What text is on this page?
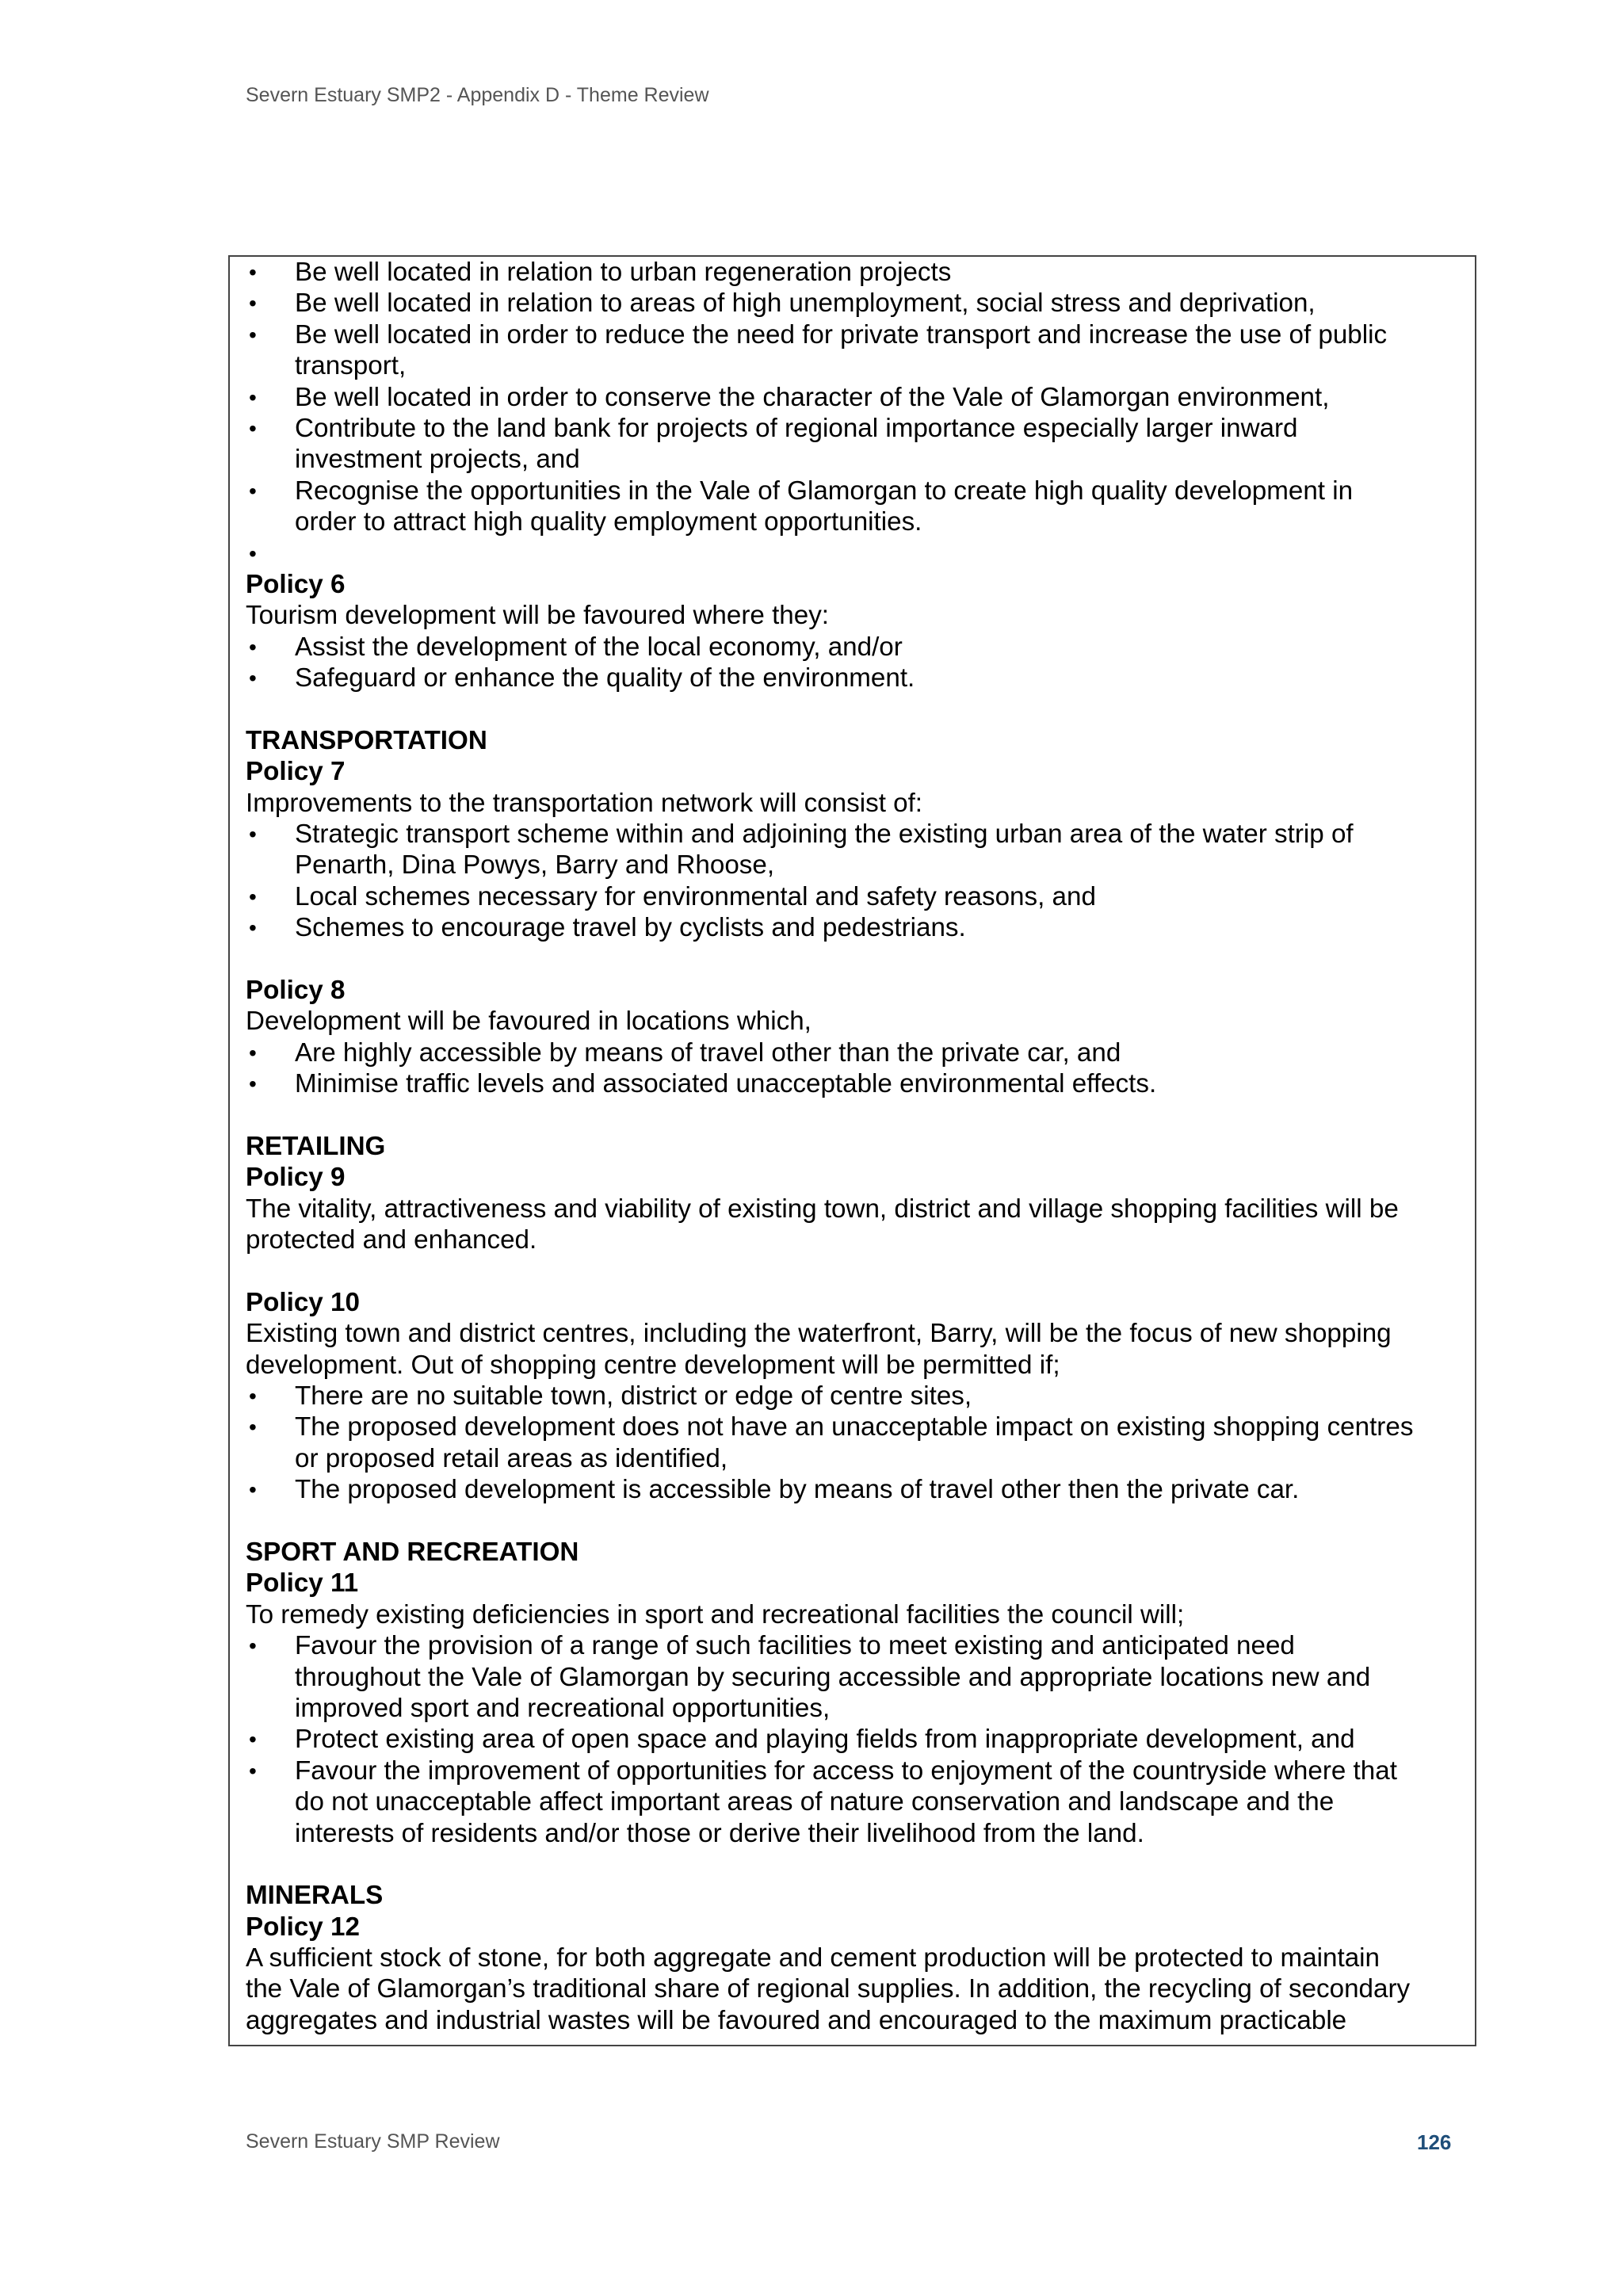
Severn Estuary SMP2 - Appendix D - Theme Review
• Be well located in relation to urban regeneration projects
• Be well located in relation to areas of high unemployment, social stress and deprivation,
• Be well located in order to reduce the need for private transport and increase the use of public
transport,
• Be well located in order to conserve the character of the Vale of Glamorgan environment,
• Contribute to the land bank for projects of regional importance especially larger inward
investment projects, and
• Recognise the opportunities in the Vale of Glamorgan to create high quality development in
order to attract high quality employment opportunities.
•
Policy 6
Tourism development will be favoured where they:
• Assist the development of the local economy, and/or
• Safeguard or enhance the quality of the environment.
TRANSPORTATION
Policy 7
Improvements to the transportation network will consist of:
• Strategic transport scheme within and adjoining the existing urban area of the water strip of
Penarth, Dina Powys, Barry and Rhoose,
• Local schemes necessary for environmental and safety reasons, and
• Schemes to encourage travel by cyclists and pedestrians.
Policy 8
Development will be favoured in locations which,
• Are highly accessible by means of travel other than the private car, and
• Minimise traffic levels and associated unacceptable environmental effects.
RETAILING
Policy 9
The vitality, attractiveness and viability of existing town, district and village shopping facilities will be
protected and enhanced.
Policy 10
Existing town and district centres, including the waterfront, Barry, will be the focus of new shopping
development. Out of shopping centre development will be permitted if;
• There are no suitable town, district or edge of centre sites,
• The proposed development does not have an unacceptable impact on existing shopping centres
or proposed retail areas as identified,
• The proposed development is accessible by means of travel other then the private car.
SPORT AND RECREATION
Policy 11
To remedy existing deficiencies in sport and recreational facilities the council will;
• Favour the provision of a range of such facilities to meet existing and anticipated need
throughout the Vale of Glamorgan by securing accessible and appropriate locations new and
improved sport and recreational opportunities,
• Protect existing area of open space and playing fields from inappropriate development, and
• Favour the improvement of opportunities for access to enjoyment of the countryside where that
do not unacceptable affect important areas of nature conservation and landscape and the
interests of residents and/or those or derive their livelihood from the land.
MINERALS
Policy 12
A sufficient stock of stone, for both aggregate and cement production will be protected to maintain
the Vale of Glamorgan’s traditional share of regional supplies. In addition, the recycling of secondary
aggregates and industrial wastes will be favoured and encouraged to the maximum practicable
Severn Estuary SMP Review	126
